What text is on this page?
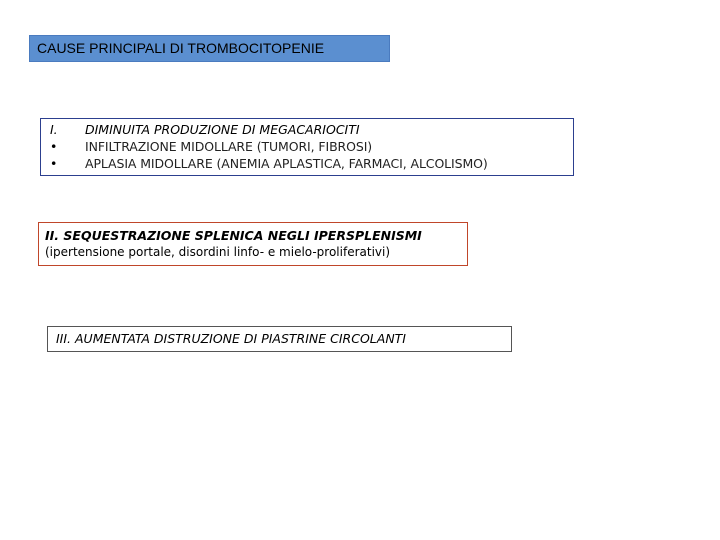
CAUSE PRINCIPALI DI TROMBOCITOPENIE
I.	DIMINUITA PRODUZIONE DI MEGACARIOCITI
•	INFILTRAZIONE MIDOLLARE (TUMORI, FIBROSI)
•	APLASIA MIDOLLARE (ANEMIA APLASTICA, FARMACI, ALCOLISMO)
II. SEQUESTRAZIONE SPLENICA NEGLI IPERSPLENISMI
(ipertensione portale, disordini linfo- e mielo-proliferativi)
III. AUMENTATA DISTRUZIONE DI PIASTRINE CIRCOLANTI
